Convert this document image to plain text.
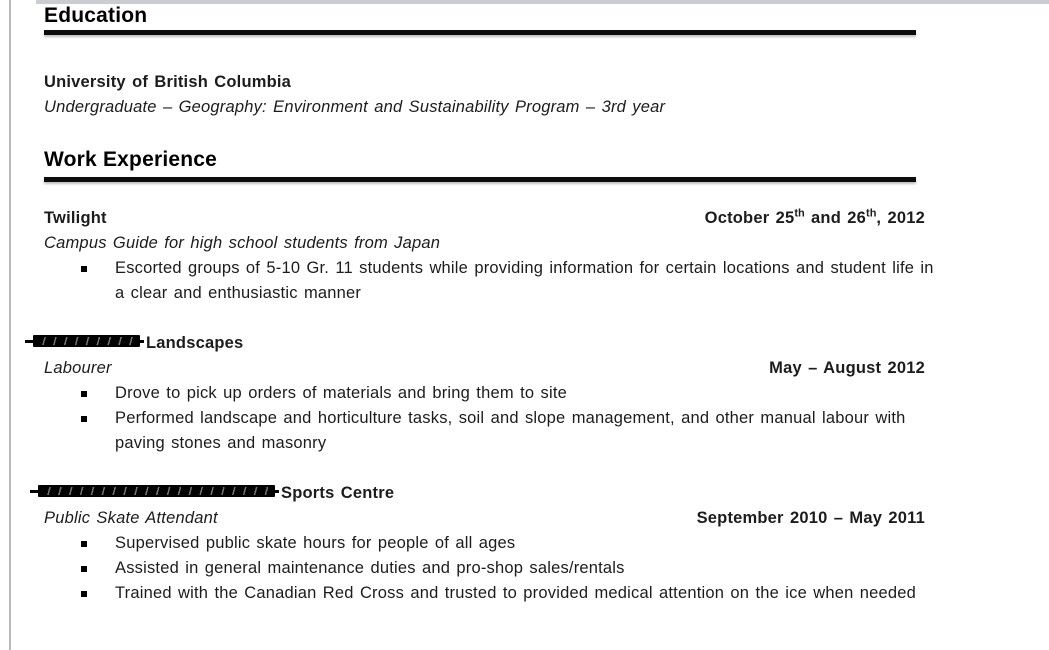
Education
University of British Columbia
Undergraduate – Geography: Environment and Sustainability Program – 3rd year
Work Experience
Twilight	October 25th and 26th, 2012
Campus Guide for high school students from Japan
Escorted groups of 5-10 Gr. 11 students while providing information for certain locations and student life in a clear and enthusiastic manner
Landscapes
Labourer	May – August 2012
Drove to pick up orders of materials and bring them to site
Performed landscape and horticulture tasks, soil and slope management, and other manual labour with paving stones and masonry
Sports Centre
Public Skate Attendant	September 2010 – May 2011
Supervised public skate hours for people of all ages
Assisted in general maintenance duties and pro-shop sales/rentals
Trained with the Canadian Red Cross and trusted to provided medical attention on the ice when needed
